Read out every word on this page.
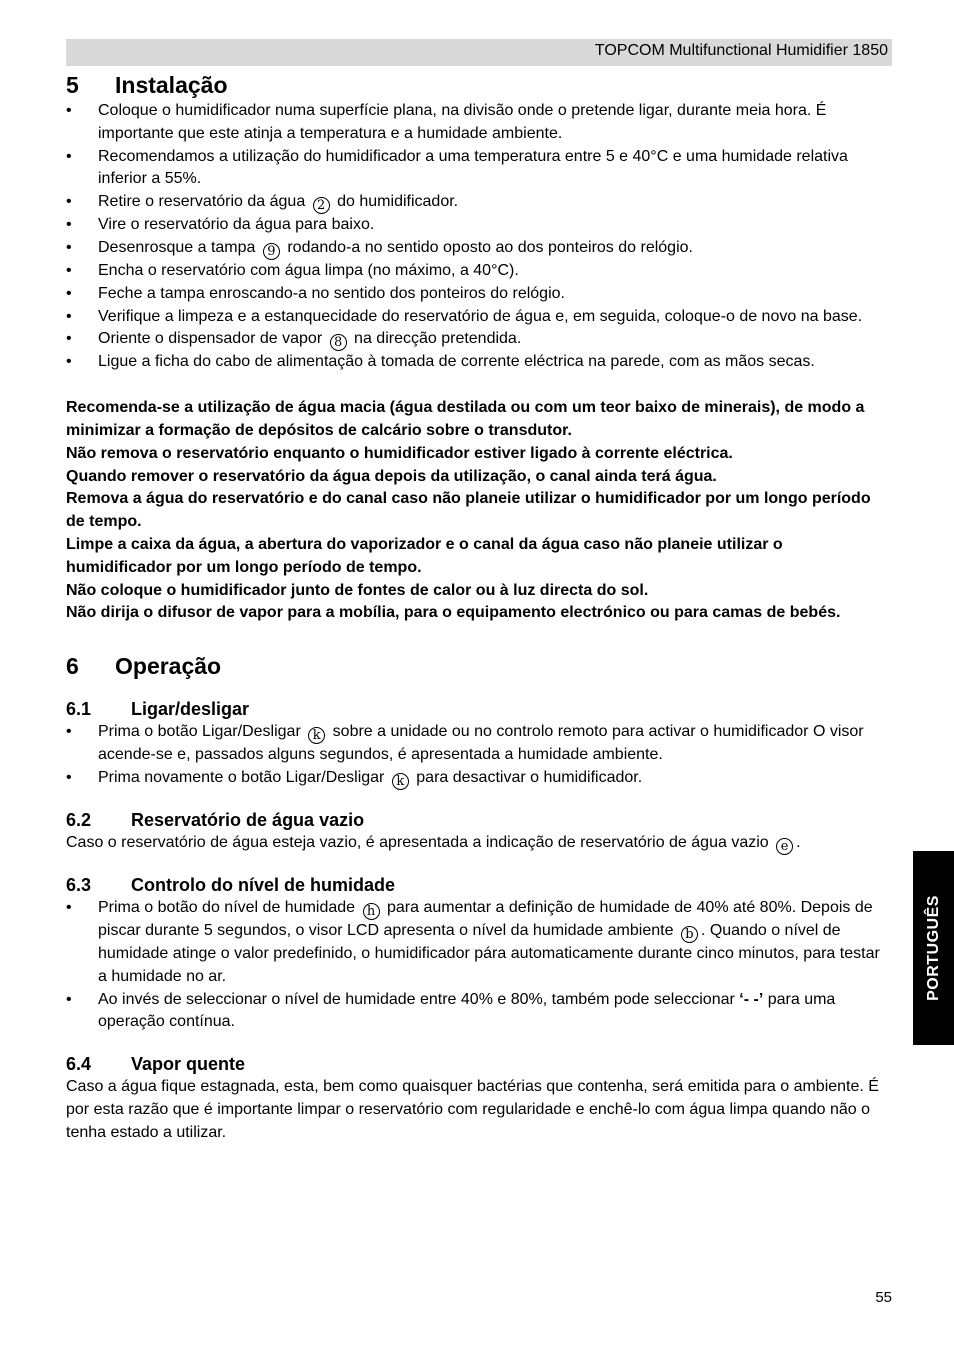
TOPCOM Multifunctional Humidifier 1850
5	Instalação
• Coloque o humidificador numa superfície plana, na divisão onde o pretende ligar, durante meia hora. É importante que este atinja a temperatura e a humidade ambiente.
• Recomendamos a utilização do humidificador a uma temperatura entre 5 e 40°C e uma humidade relativa inferior a 55%.
• Retire o reservatório da água 2 do humidificador.
• Vire o reservatório da água para baixo.
• Desenrosque a tampa 9 rodando-a no sentido oposto ao dos ponteiros do relógio.
• Encha o reservatório com água limpa (no máximo, a 40°C).
• Feche a tampa enroscando-a no sentido dos ponteiros do relógio.
• Verifique a limpeza e a estanquecidade do reservatório de água e, em seguida, coloque-o de novo na base.
• Oriente o dispensador de vapor 8 na direcção pretendida.
• Ligue a ficha do cabo de alimentação à tomada de corrente eléctrica na parede, com as mãos secas.

Recomenda-se a utilização de água macia (água destilada ou com um teor baixo de minerais), de modo a minimizar a formação de depósitos de calcário sobre o transdutor.

Não remova o reservatório enquanto o humidificador estiver ligado à corrente eléctrica.

Quando remover o reservatório da água depois da utilização, o canal ainda terá água.

Remova a água do reservatório e do canal caso não planeie utilizar o humidificador por um longo período de tempo.

Limpe a caixa da água, a abertura do vaporizador e o canal da água caso não planeie utilizar o humidificador por um longo período de tempo.

Não coloque o humidificador junto de fontes de calor ou à luz directa do sol.

Não dirija o difusor de vapor para a mobília, para o equipamento electrónico ou para camas de bebés.

6	Operação
6.1	Ligar/desligar
• Prima o botão Ligar/Desligar k sobre a unidade ou no controlo remoto para activar o humidificador O visor acende-se e, passados alguns segundos, é apresentada a humidade ambiente.
• Prima novamente o botão Ligar/Desligar k para desactivar o humidificador.
6.2	Reservatório de água vazio

Caso o reservatório de água esteja vazio, é apresentada a indicação de reservatório de água vazio e .

6.3	Controlo do nível de humidade
• Prima o botão do nível de humidade h para aumentar a definição de humidade de 40% até 80%. Depois de piscar durante 5 segundos, o visor LCD apresenta o nível da humidade ambiente b . Quando o nível de humidade atinge o valor predefinido, o humidificador pára automaticamente durante cinco minutos, para testar a humidade no ar.
• Ao invés de seleccionar o nível de humidade entre 40% e 80%, também pode seleccionar ‘- -’ para uma operação contínua.
6.4	Vapor quente

Caso a água fique estagnada, esta, bem como quaisquer bactérias que contenha, será emitida para o ambiente. É por esta razão que é importante limpar o reservatório com regularidade e enchê-lo com água limpa quando não o tenha estado a utilizar.

PORTUGUÊS
55
